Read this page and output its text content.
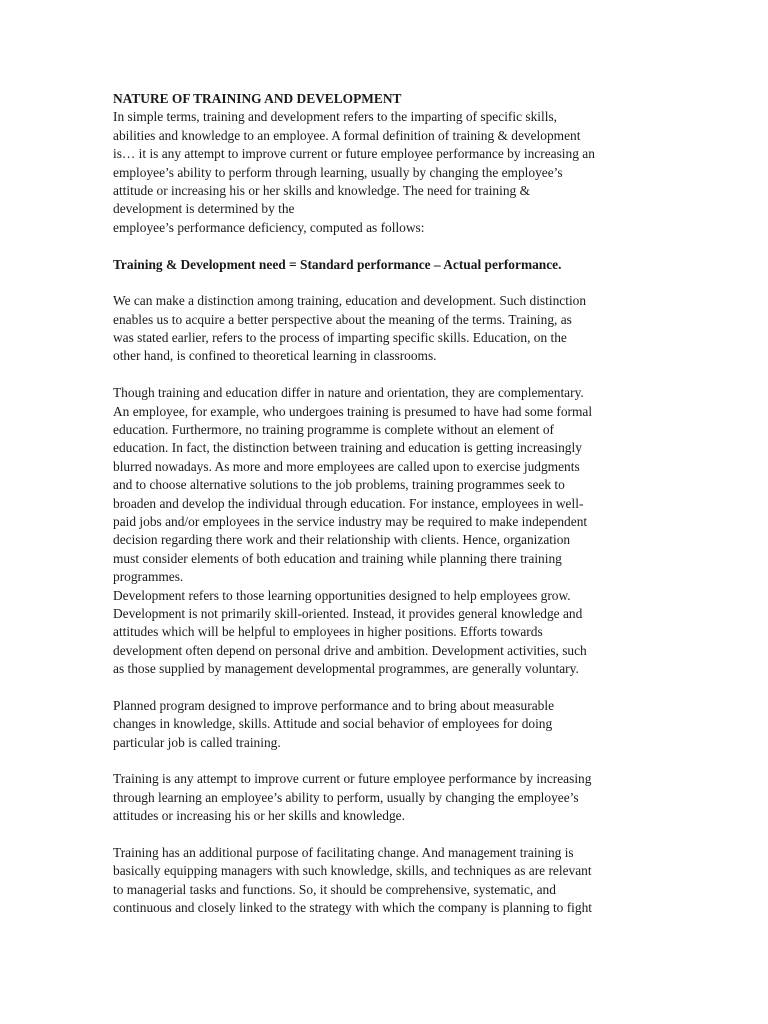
NATURE OF TRAINING AND DEVELOPMENT
In simple terms, training and development refers to the imparting of specific skills,
abilities and knowledge to an employee. A formal definition of training & development
is… it is any attempt to improve current or future employee performance by increasing an
employee’s ability to perform through learning, usually by changing the employee’s
attitude or increasing his or her skills and knowledge. The need for training &
development is determined by the
employee’s performance deficiency, computed as follows:
Training & Development need = Standard performance – Actual performance.
We can make a distinction among training, education and development. Such distinction
enables us to acquire a better perspective about the meaning of the terms. Training, as
was stated earlier, refers to the process of imparting specific skills. Education, on the
other hand, is confined to theoretical learning in classrooms.
Though training and education differ in nature and orientation, they are complementary.
An employee, for example, who undergoes training is presumed to have had some formal
education. Furthermore, no training programme is complete without an element of
education. In fact, the distinction between training and education is getting increasingly
blurred nowadays. As more and more employees are called upon to exercise judgments
and to choose alternative solutions to the job problems, training programmes seek to
broaden and develop the individual through education. For instance, employees in well-
paid jobs and/or employees in the service industry may be required to make independent
decision regarding there work and their relationship with clients. Hence, organization
must consider elements of both education and training while planning there training
programmes.
Development refers to those learning opportunities designed to help employees grow.
Development is not primarily skill-oriented. Instead, it provides general knowledge and
attitudes which will be helpful to employees in higher positions. Efforts towards
development often depend on personal drive and ambition. Development activities, such
as those supplied by management developmental programmes, are generally voluntary.
Planned program designed to improve performance and to bring about measurable
changes in knowledge, skills. Attitude and social behavior of employees for doing
particular job is called training.
Training is any attempt to improve current or future employee performance by increasing
through learning an employee’s ability to perform, usually by changing the employee’s
attitudes or increasing his or her skills and knowledge.
Training has an additional purpose of facilitating change. And management training is
basically equipping managers with such knowledge, skills, and techniques as are relevant
to managerial tasks and functions. So, it should be comprehensive, systematic, and
continuous and closely linked to the strategy with which the company is planning to fight
